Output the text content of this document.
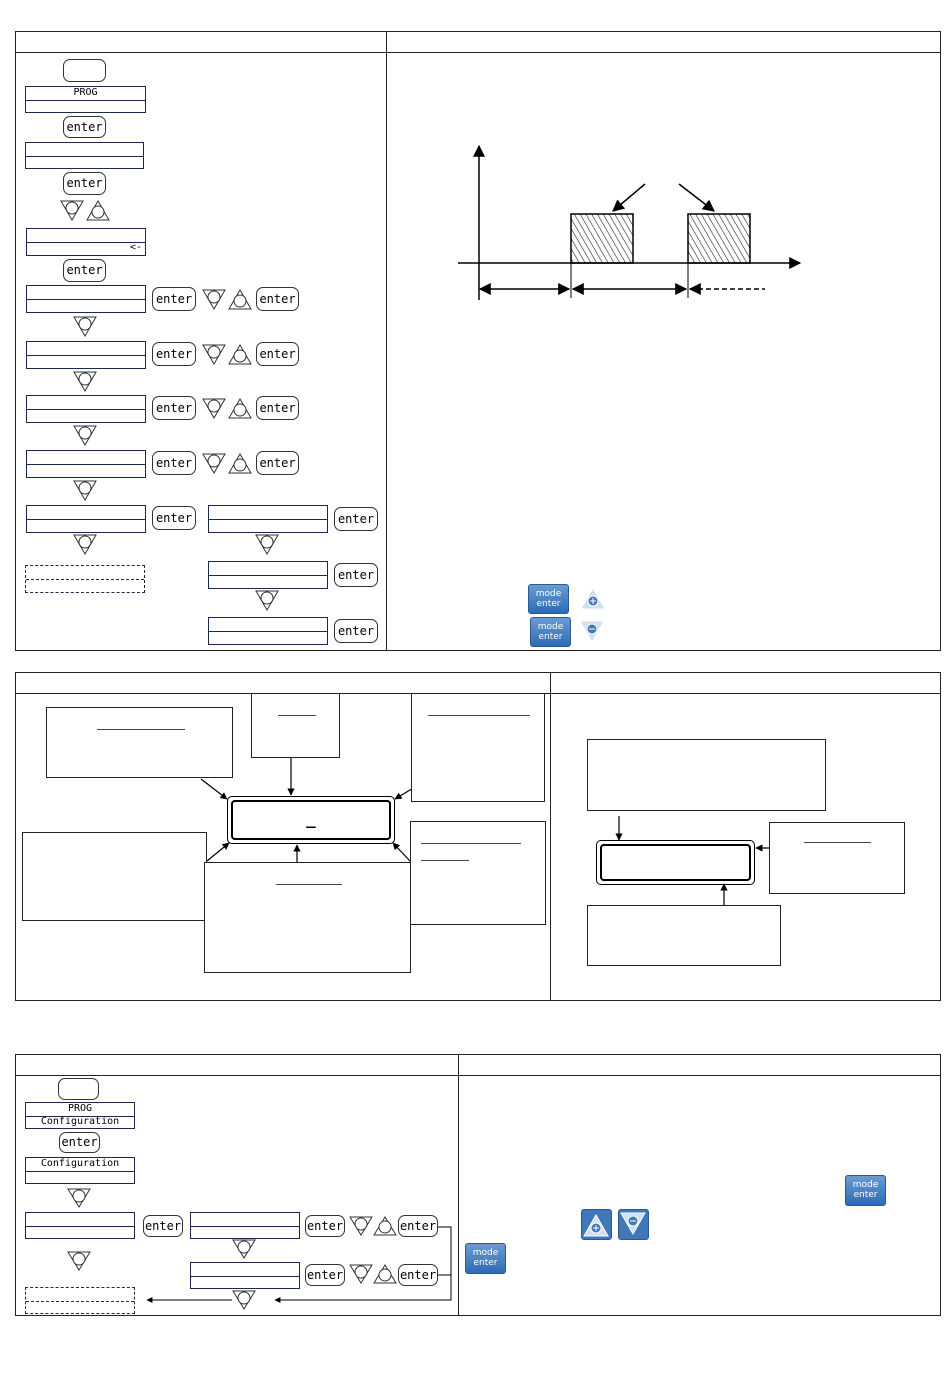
PROG
enter
enter
<-
enter
enter	enter
enter	enter
enter	enter
enter	enter
enter	enter
enter
enter
mode
enter
mode
enter
_
PROG
Configuration
enter
Configuration
enter	enter	enter
enter	enter
mode
enter
mode
enter
